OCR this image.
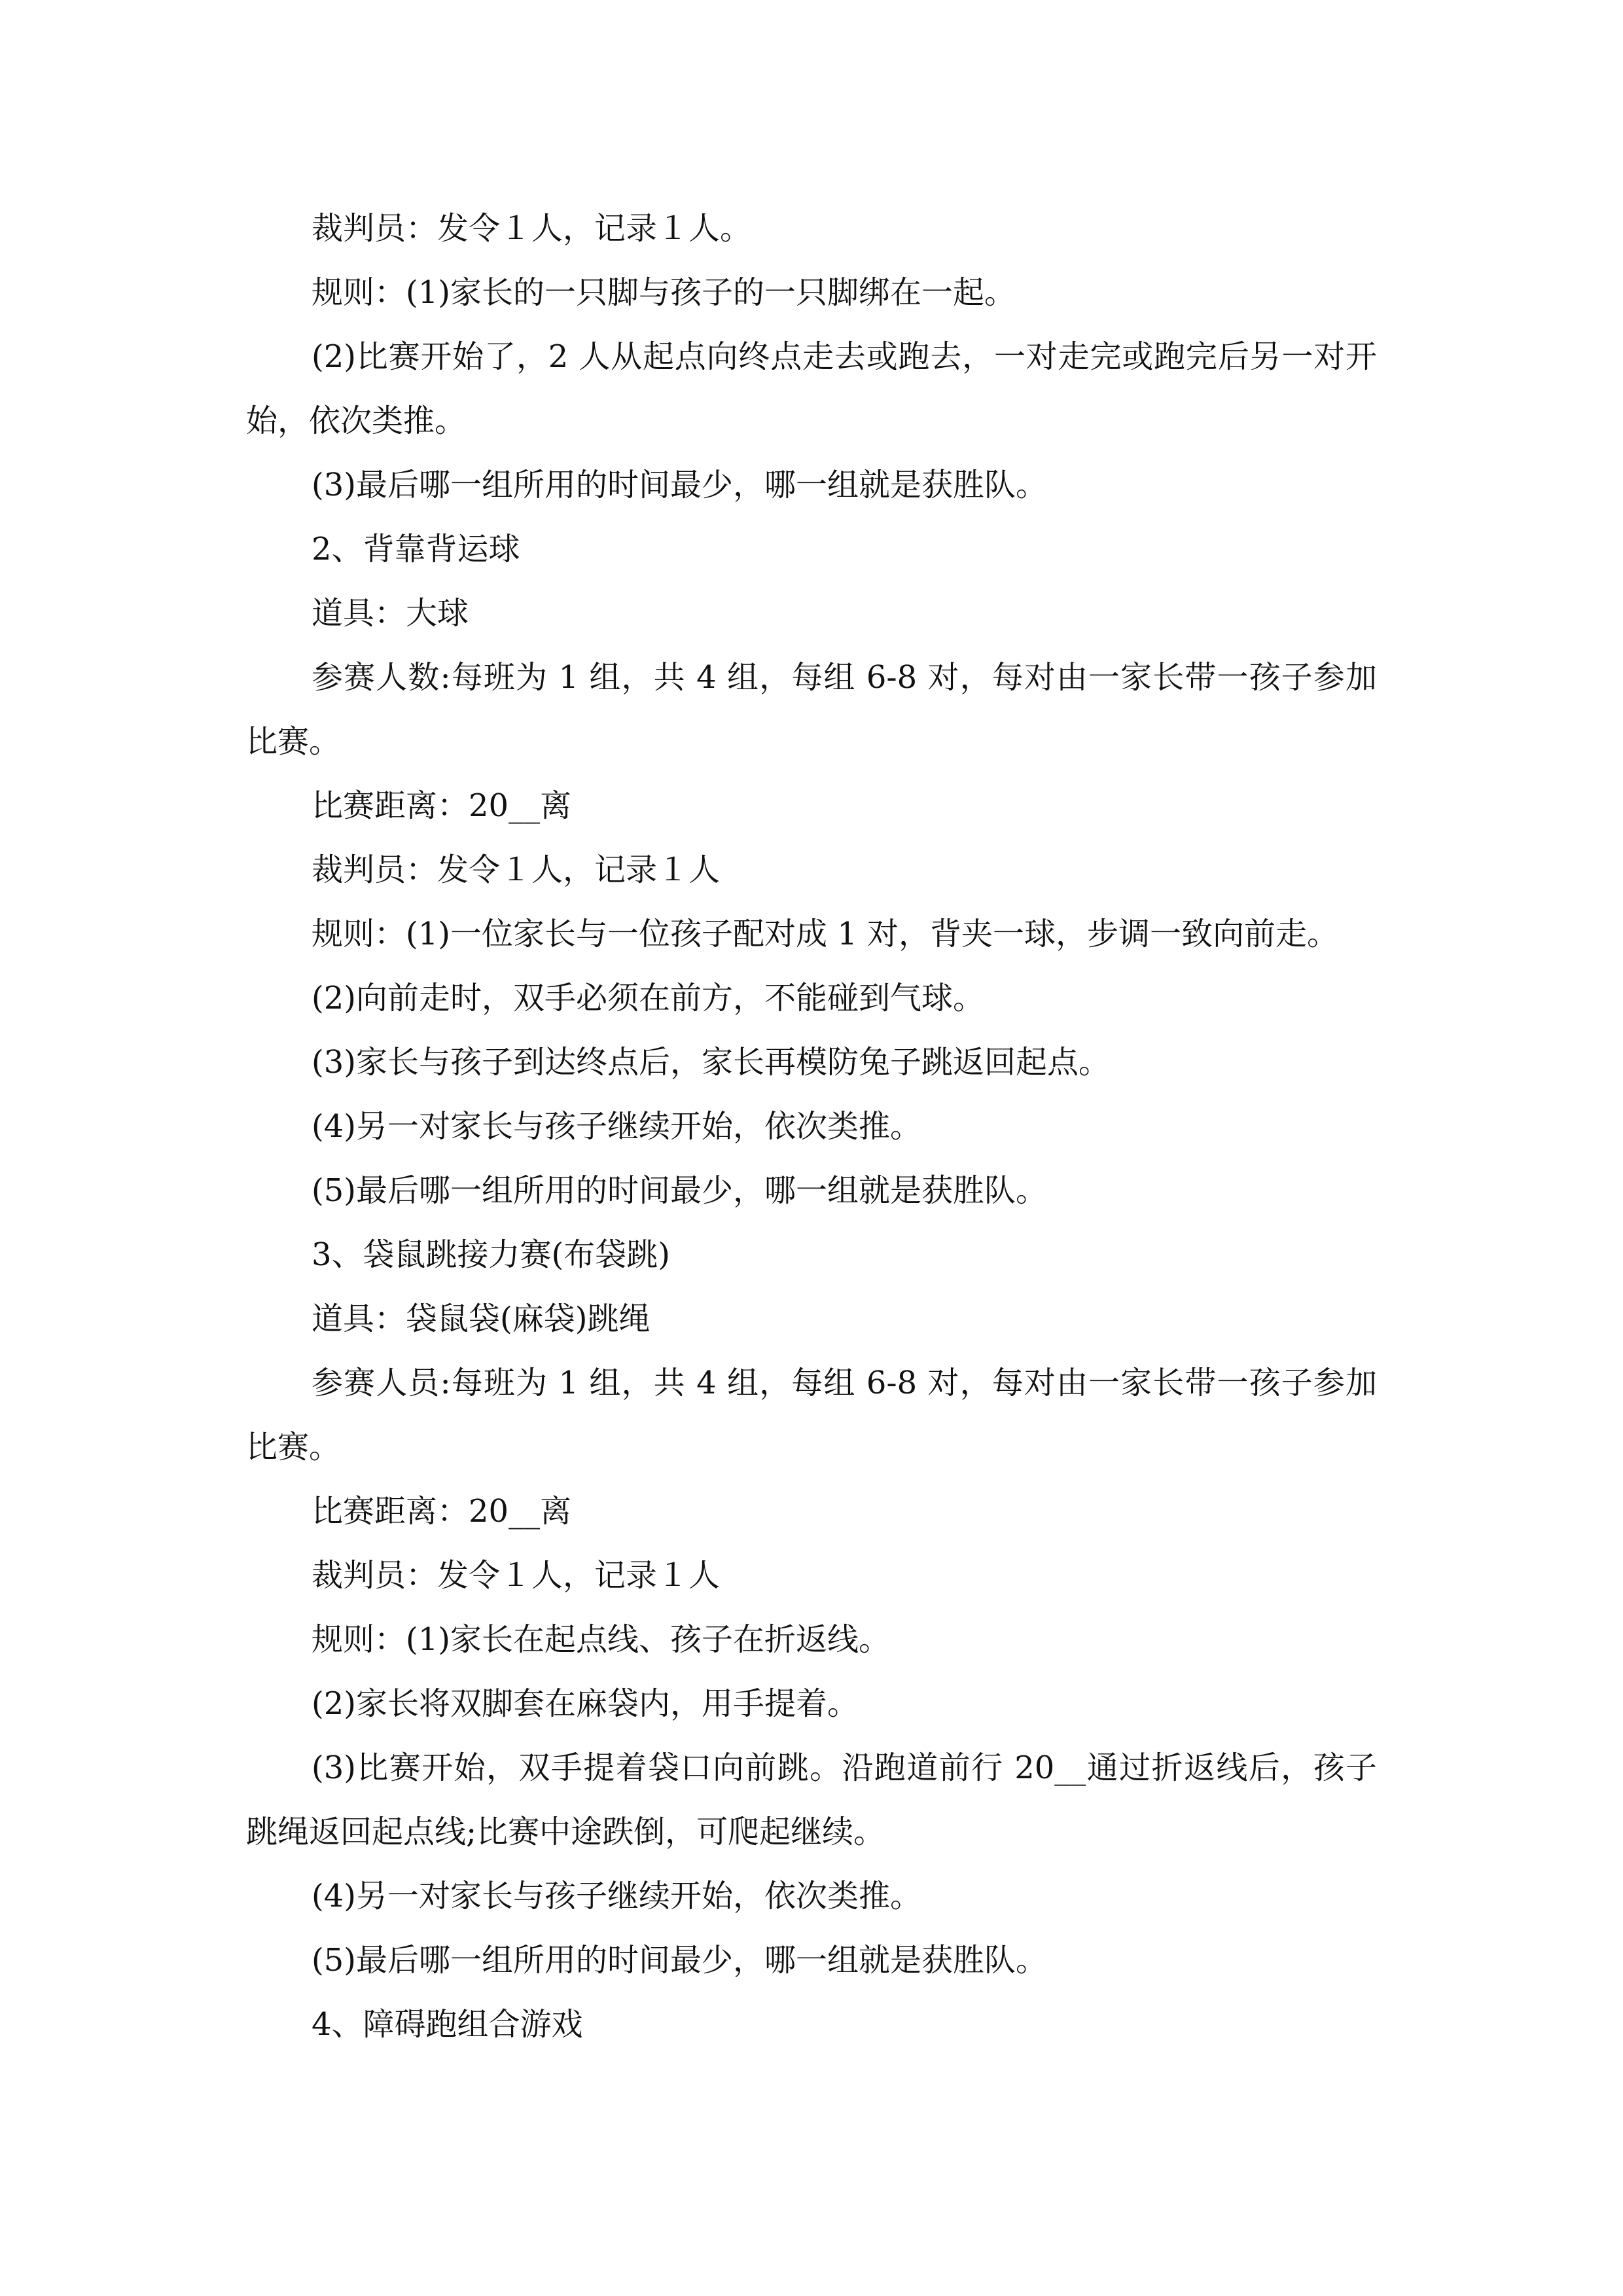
裁判员：发令１人，记录１人。

规则：(1)家长的一只脚与孩子的一只脚绑在一起。

(2)比赛开始了，2 人从起点向终点走去或跑去，一对走完或跑完后另一对开始，依次类推。

(3)最后哪一组所用的时间最少，哪一组就是获胜队。

2、背靠背运球

道具：大球

参赛人数:每班为 1 组，共 4 组，每组 6-8 对，每对由一家长带一孩子参加比赛。

比赛距离：20__离

裁判员：发令１人，记录１人

规则：(1)一位家长与一位孩子配对成 1 对，背夹一球，步调一致向前走。

(2)向前走时，双手必须在前方，不能碰到气球。

(3)家长与孩子到达终点后，家长再模防兔子跳返回起点。

(4)另一对家长与孩子继续开始，依次类推。

(5)最后哪一组所用的时间最少，哪一组就是获胜队。

3、袋鼠跳接力赛(布袋跳)

道具：袋鼠袋(麻袋)跳绳

参赛人员:每班为 1 组，共 4 组，每组 6-8 对，每对由一家长带一孩子参加比赛。

比赛距离：20__离

裁判员：发令１人，记录１人

规则：(1)家长在起点线、孩子在折返线。

(2)家长将双脚套在麻袋内，用手提着。

(3)比赛开始，双手提着袋口向前跳。沿跑道前行 20__通过折返线后，孩子跳绳返回起点线;比赛中途跌倒，可爬起继续。

(4)另一对家长与孩子继续开始，依次类推。

(5)最后哪一组所用的时间最少，哪一组就是获胜队。

4、障碍跑组合游戏
